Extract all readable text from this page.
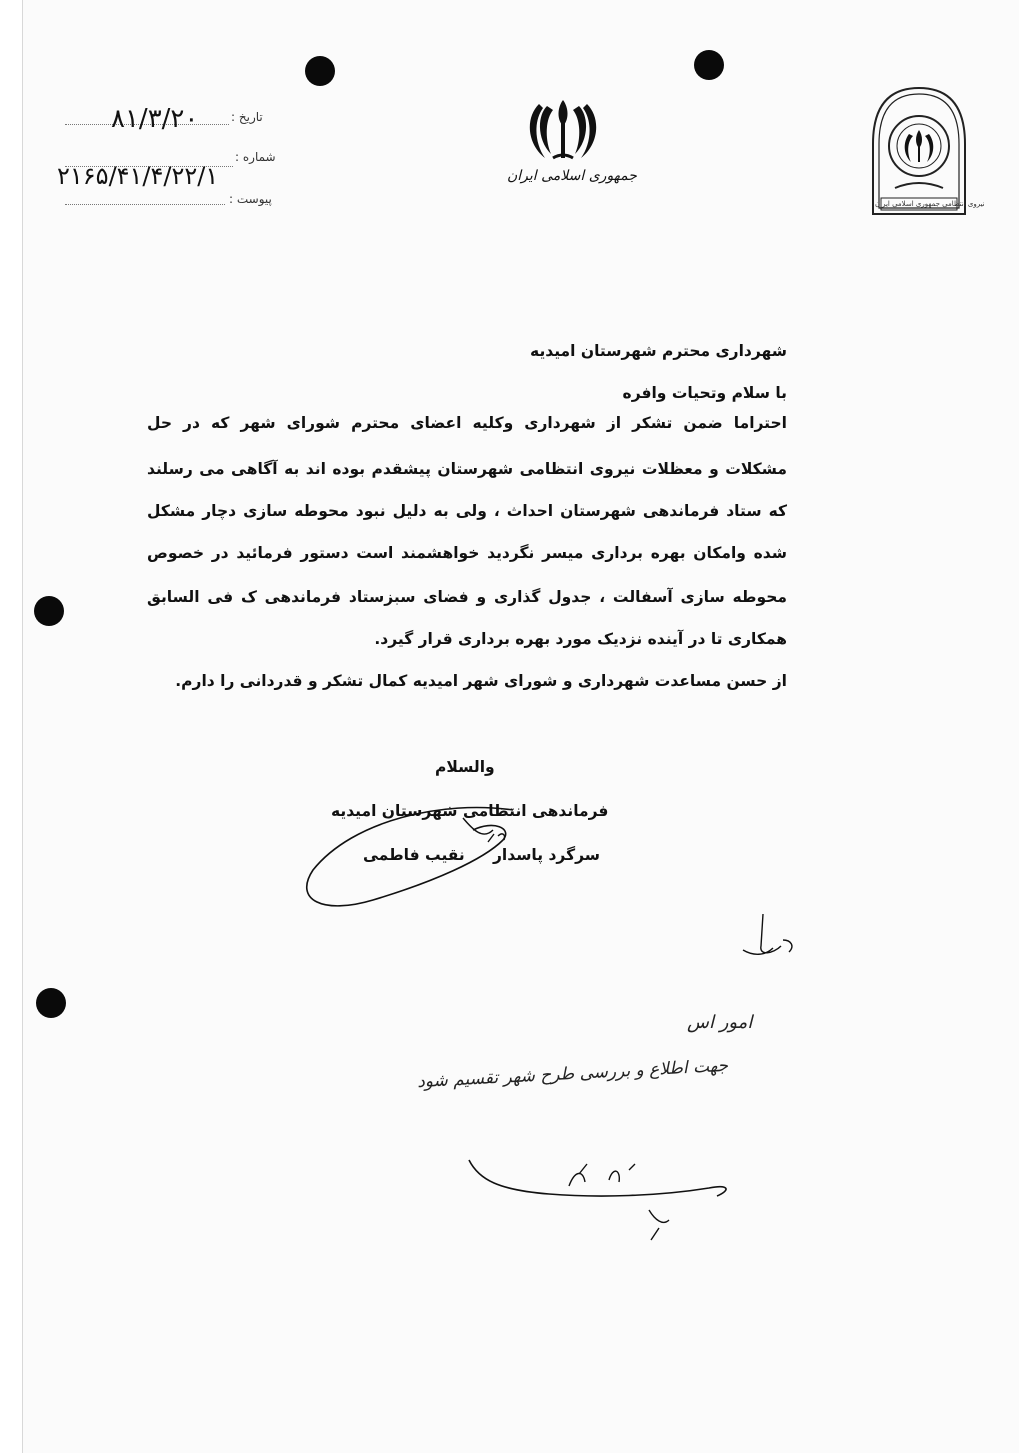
تاریخ :
۸۱/۳/۲۰
شماره :
۲۱۶۵/۴۱/۴/۲۲/۱
پیوست :
جمهوری اسلامی ایران
نیروی انتظامی جمهوری اسلامی ایران
شهرداری محترم شهرستان امیدیه
با سلام وتحیات وافره
احتراما ضمن تشکر از شهرداری وکلیه اعضای محترم شورای شهر که در حل
مشکلات و معظلات نیروی انتظامی شهرستان پیشقدم بوده اند به آگاهی می رسلند
که ستاد فرماندهی شهرستان احداث ، ولی به دلیل نبود محوطه سازی دچار مشکل
شده وامکان بهره برداری میسر نگردید خواهشمند است دستور فرمائید در خصوص
محوطه سازی آسفالت ، جدول گذاری و فضای سبزستاد فرماندهی ک فی السابق
همکاری تا در آینده نزدیک مورد بهره برداری قرار گیرد.
از حسن مساعدت شهرداری و شورای شهر امیدیه کمال تشکر و قدردانی را دارم.
والسلام
فرماندهی انتظامی شهرستان امیدیه
سرگرد پاسدار
نقیب فاطمی
امور اس
جهت اطلاع و بررسی طرح شهر تقسیم شود
